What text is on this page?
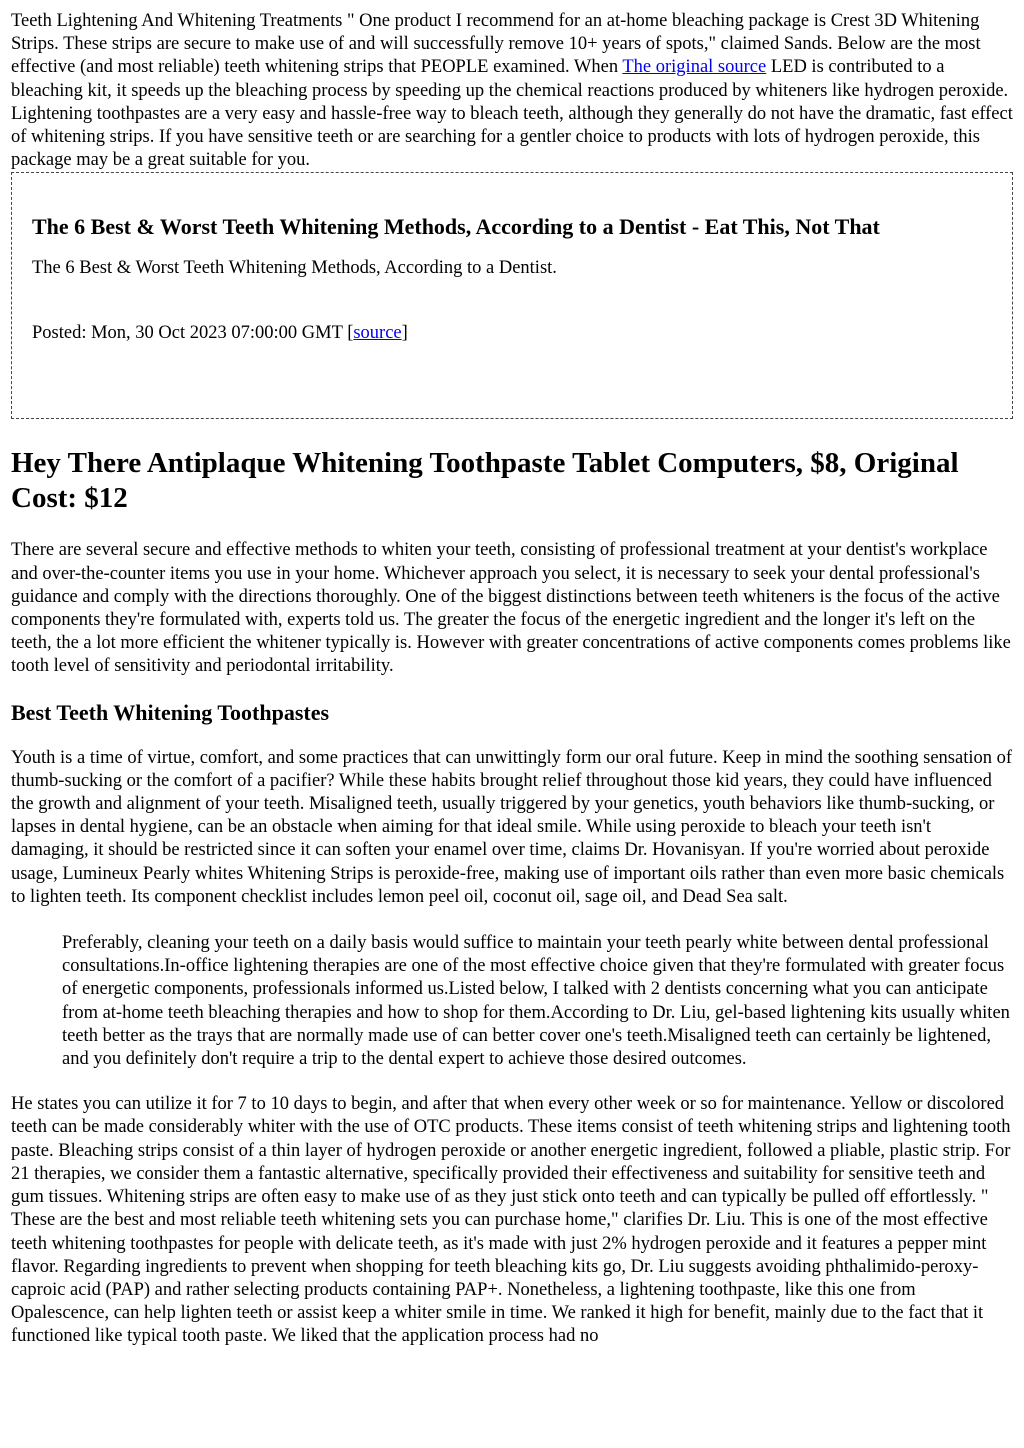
Teeth Lightening And Whitening Treatments " One product I recommend for an at-home bleaching package is Crest 3D Whitening Strips. These strips are secure to make use of and will successfully remove 10+ years of spots," claimed Sands. Below are the most effective (and most reliable) teeth whitening strips that PEOPLE examined. When The original source LED is contributed to a bleaching kit, it speeds up the bleaching process by speeding up the chemical reactions produced by whiteners like hydrogen peroxide. Lightening toothpastes are a very easy and hassle-free way to bleach teeth, although they generally do not have the dramatic, fast effect of whitening strips. If you have sensitive teeth or are searching for a gentler choice to products with lots of hydrogen peroxide, this package may be a great suitable for you.

The 6 Best & Worst Teeth Whitening Methods, According to a Dentist - Eat This, Not That

The 6 Best & Worst Teeth Whitening Methods, According to a Dentist.

Posted: Mon, 30 Oct 2023 07:00:00 GMT [source]

Hey There Antiplaque Whitening Toothpaste Tablet Computers, $8, Original Cost: $12

There are several secure and effective methods to whiten your teeth, consisting of professional treatment at your dentist's workplace and over-the-counter items you use in your home. Whichever approach you select, it is necessary to seek your dental professional's guidance and comply with the directions thoroughly. One of the biggest distinctions between teeth whiteners is the focus of the active components they're formulated with, experts told us. The greater the focus of the energetic ingredient and the longer it's left on the teeth, the a lot more efficient the whitener typically is. However with greater concentrations of active components comes problems like tooth level of sensitivity and periodontal irritability.

Best Teeth Whitening Toothpastes

Youth is a time of virtue, comfort, and some practices that can unwittingly form our oral future. Keep in mind the soothing sensation of thumb-sucking or the comfort of a pacifier? While these habits brought relief throughout those kid years, they could have influenced the growth and alignment of your teeth. Misaligned teeth, usually triggered by your genetics, youth behaviors like thumb-sucking, or lapses in dental hygiene, can be an obstacle when aiming for that ideal smile. While using peroxide to bleach your teeth isn't damaging, it should be restricted since it can soften your enamel over time, claims Dr. Hovanisyan. If you're worried about peroxide usage, Lumineux Pearly whites Whitening Strips is peroxide-free, making use of important oils rather than even more basic chemicals to lighten teeth. Its component checklist includes lemon peel oil, coconut oil, sage oil, and Dead Sea salt.

Preferably, cleaning your teeth on a daily basis would suffice to maintain your teeth pearly white between dental professional consultations.In-office lightening therapies are one of the most effective choice given that they're formulated with greater focus of energetic components, professionals informed us.Listed below, I talked with 2 dentists concerning what you can anticipate from at-home teeth bleaching therapies and how to shop for them.According to Dr. Liu, gel-based lightening kits usually whiten teeth better as the trays that are normally made use of can better cover one's teeth.Misaligned teeth can certainly be lightened, and you definitely don't require a trip to the dental expert to achieve those desired outcomes.

He states you can utilize it for 7 to 10 days to begin, and after that when every other week or so for maintenance. Yellow or discolored teeth can be made considerably whiter with the use of OTC products. These items consist of teeth whitening strips and lightening tooth paste. Bleaching strips consist of a thin layer of hydrogen peroxide or another energetic ingredient, followed a pliable, plastic strip. For 21 therapies, we consider them a fantastic alternative, specifically provided their effectiveness and suitability for sensitive teeth and gum tissues. Whitening strips are often easy to make use of as they just stick onto teeth and can typically be pulled off effortlessly. " These are the best and most reliable teeth whitening sets you can purchase home," clarifies Dr. Liu. This is one of the most effective teeth whitening toothpastes for people with delicate teeth, as it's made with just 2% hydrogen peroxide and it features a pepper mint flavor. Regarding ingredients to prevent when shopping for teeth bleaching kits go, Dr. Liu suggests avoiding phthalimido-peroxy-caproic acid (PAP) and rather selecting products containing PAP+. Nonetheless, a lightening toothpaste, like this one from Opalescence, can help lighten teeth or assist keep a whiter smile in time. We ranked it high for benefit, mainly due to the fact that it functioned like typical tooth paste. We liked that the application process had no
